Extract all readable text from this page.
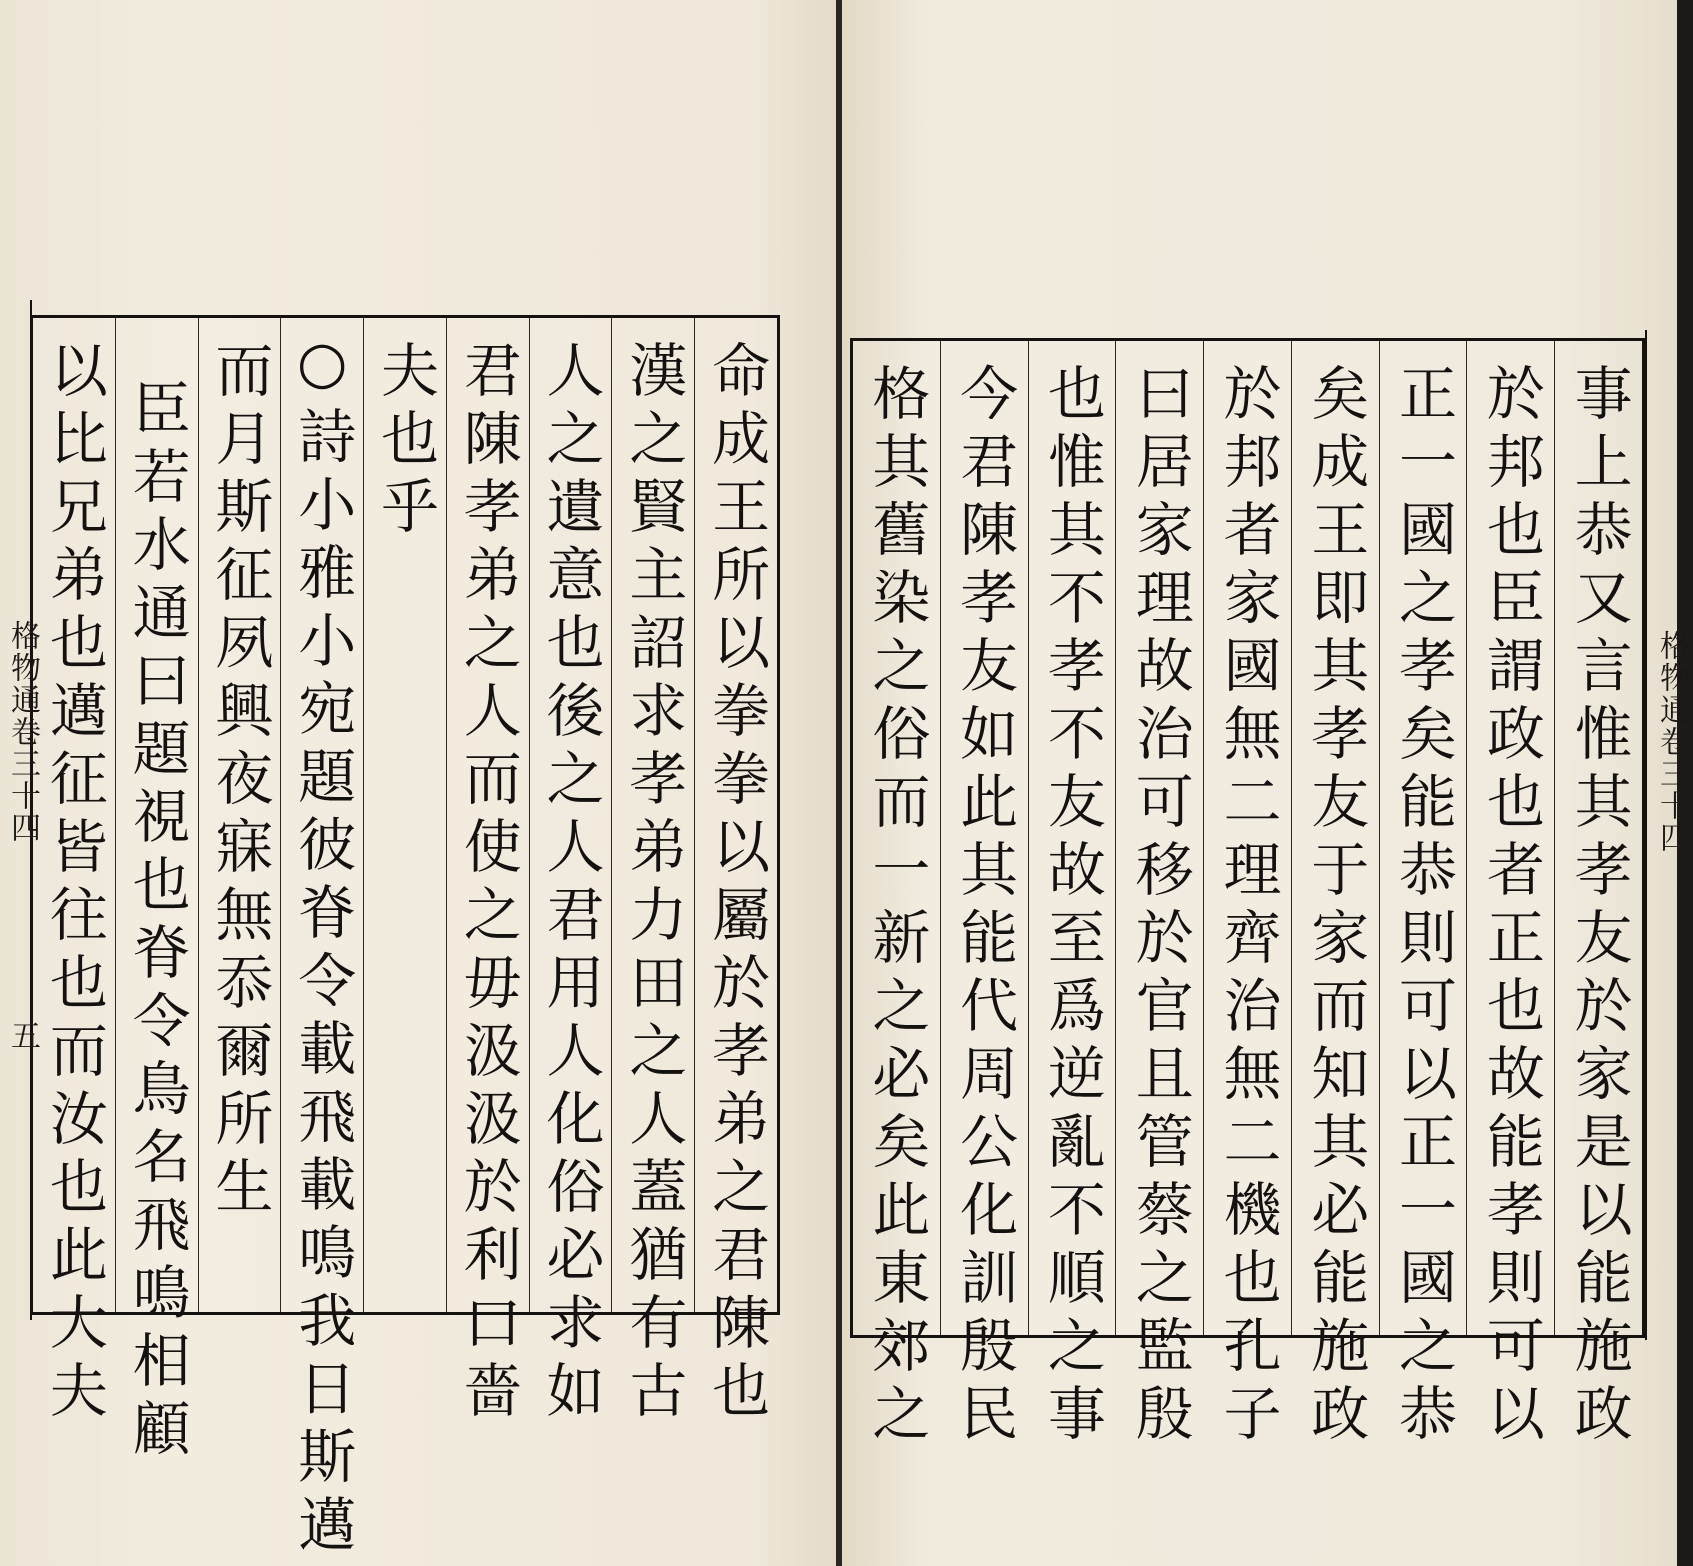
命成王所以拳拳以屬於孝弟之君陳也
漢之賢主詔求孝弟力田之人蓋猶有古
人之遺意也後之人君用人化俗必求如
君陳孝弟之人而使之毋汲汲於利口嗇
夫也乎
○詩小雅小宛題彼脊令載飛載鳴我日斯邁
而月斯征夙興夜寐無忝爾所生
臣若水通曰題視也脊令鳥名飛鳴相顧
以比兄弟也邁征皆往也而汝也此大夫
格物通卷三十四
五	事上恭又言惟其孝友於家是以能施政
於邦也臣謂政也者正也故能孝則可以
正一國之孝矣能恭則可以正一國之恭
矣成王即其孝友于家而知其必能施政
於邦者家國無二理齊治無二機也孔子
曰居家理故治可移於官且管蔡之監殷
也惟其不孝不友故至爲逆亂不順之事
今君陳孝友如此其能代周公化訓殷民
格其舊染之俗而一新之必矣此東郊之	格物通卷三十四
